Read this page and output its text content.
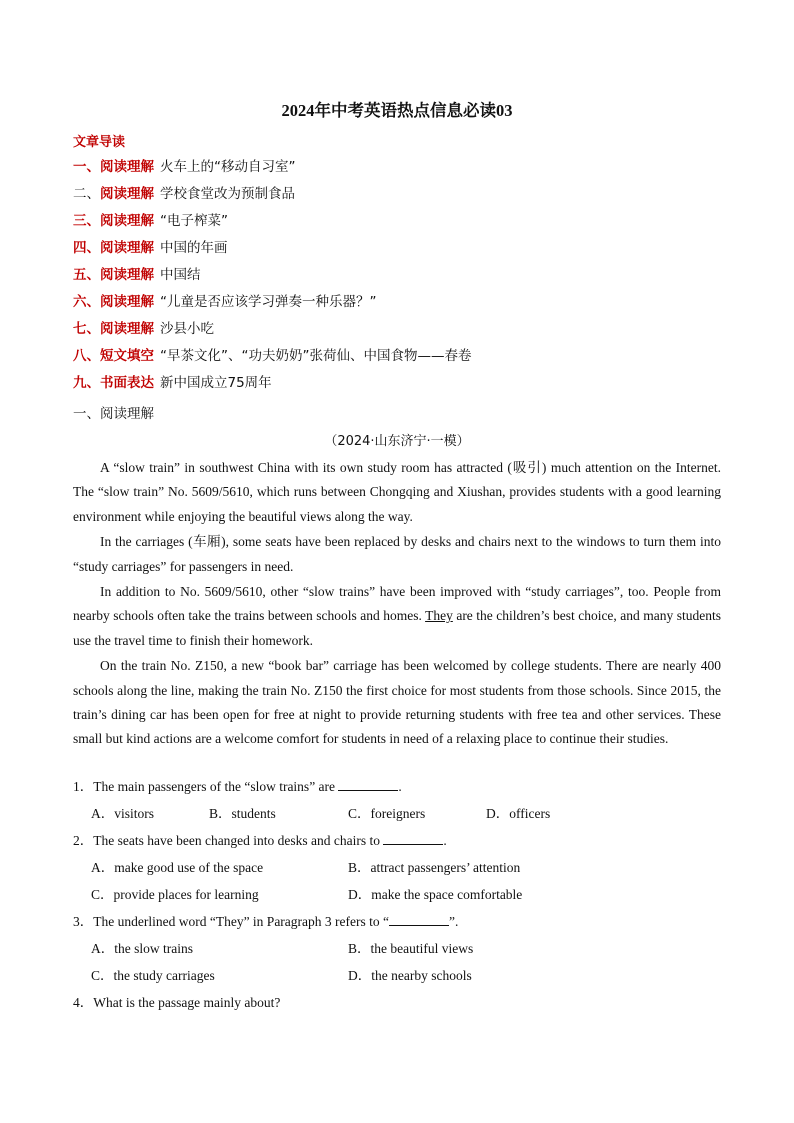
2024年中考英语热点信息必读03
文章导读
一、阅读理解 火车上的“移动自习室”
二、阅读理解 学校食堂改为预制食品
三、阅读理解 “电子榨菜”
四、阅读理解 中国的年画
五、阅读理解 中国结
六、阅读理解 “儿童是否应该学习弹奏一种乐器？”
七、阅读理解 沙县小吃
八、短文填空 “早茶文化”、“功夫奶奶”张荷仙、中国食物——春卷
九、书面表达 新中国成立75周年
一、阅读理解
（2024·山东济宁·一模）

A “slow train” in southwest China with its own study room has attracted (吸引) much attention on the Internet. The “slow train” No. 5609/5610, which runs between Chongqing and Xiushan, provides students with a good learning environment while enjoying the beautiful views along the way.

In the carriages (车厢), some seats have been replaced by desks and chairs next to the windows to turn them into “study carriages” for passengers in need.

In addition to No. 5609/5610, other “slow trains” have been improved with “study carriages”, too. People from nearby schools often take the trains between schools and homes. They are the children’s best choice, and many students use the travel time to finish their homework.

On the train No. Z150, a new “book bar” carriage has been welcomed by college students. There are nearly 400 schools along the line, making the train No. Z150 the first choice for most students from those schools. Since 2015, the train’s dining car has been open for free at night to provide returning students with free tea and other services. These small but kind actions are a welcome comfort for students in need of a relaxing place to continue their studies.

1．The main passengers of the “slow trains” are	.
A．visitors	B．students	C．foreigners	D．officers
2．The seats have been changed into desks and chairs to	.
A．make good use of the space	B．attract passengers’ attention
C．provide places for learning	D．make the space comfortable
3．The underlined word “They” in Paragraph 3 refers to “	”.
A．the slow trains	B．the beautiful views
C．the study carriages	D．the nearby schools
4．What is the passage mainly about?
